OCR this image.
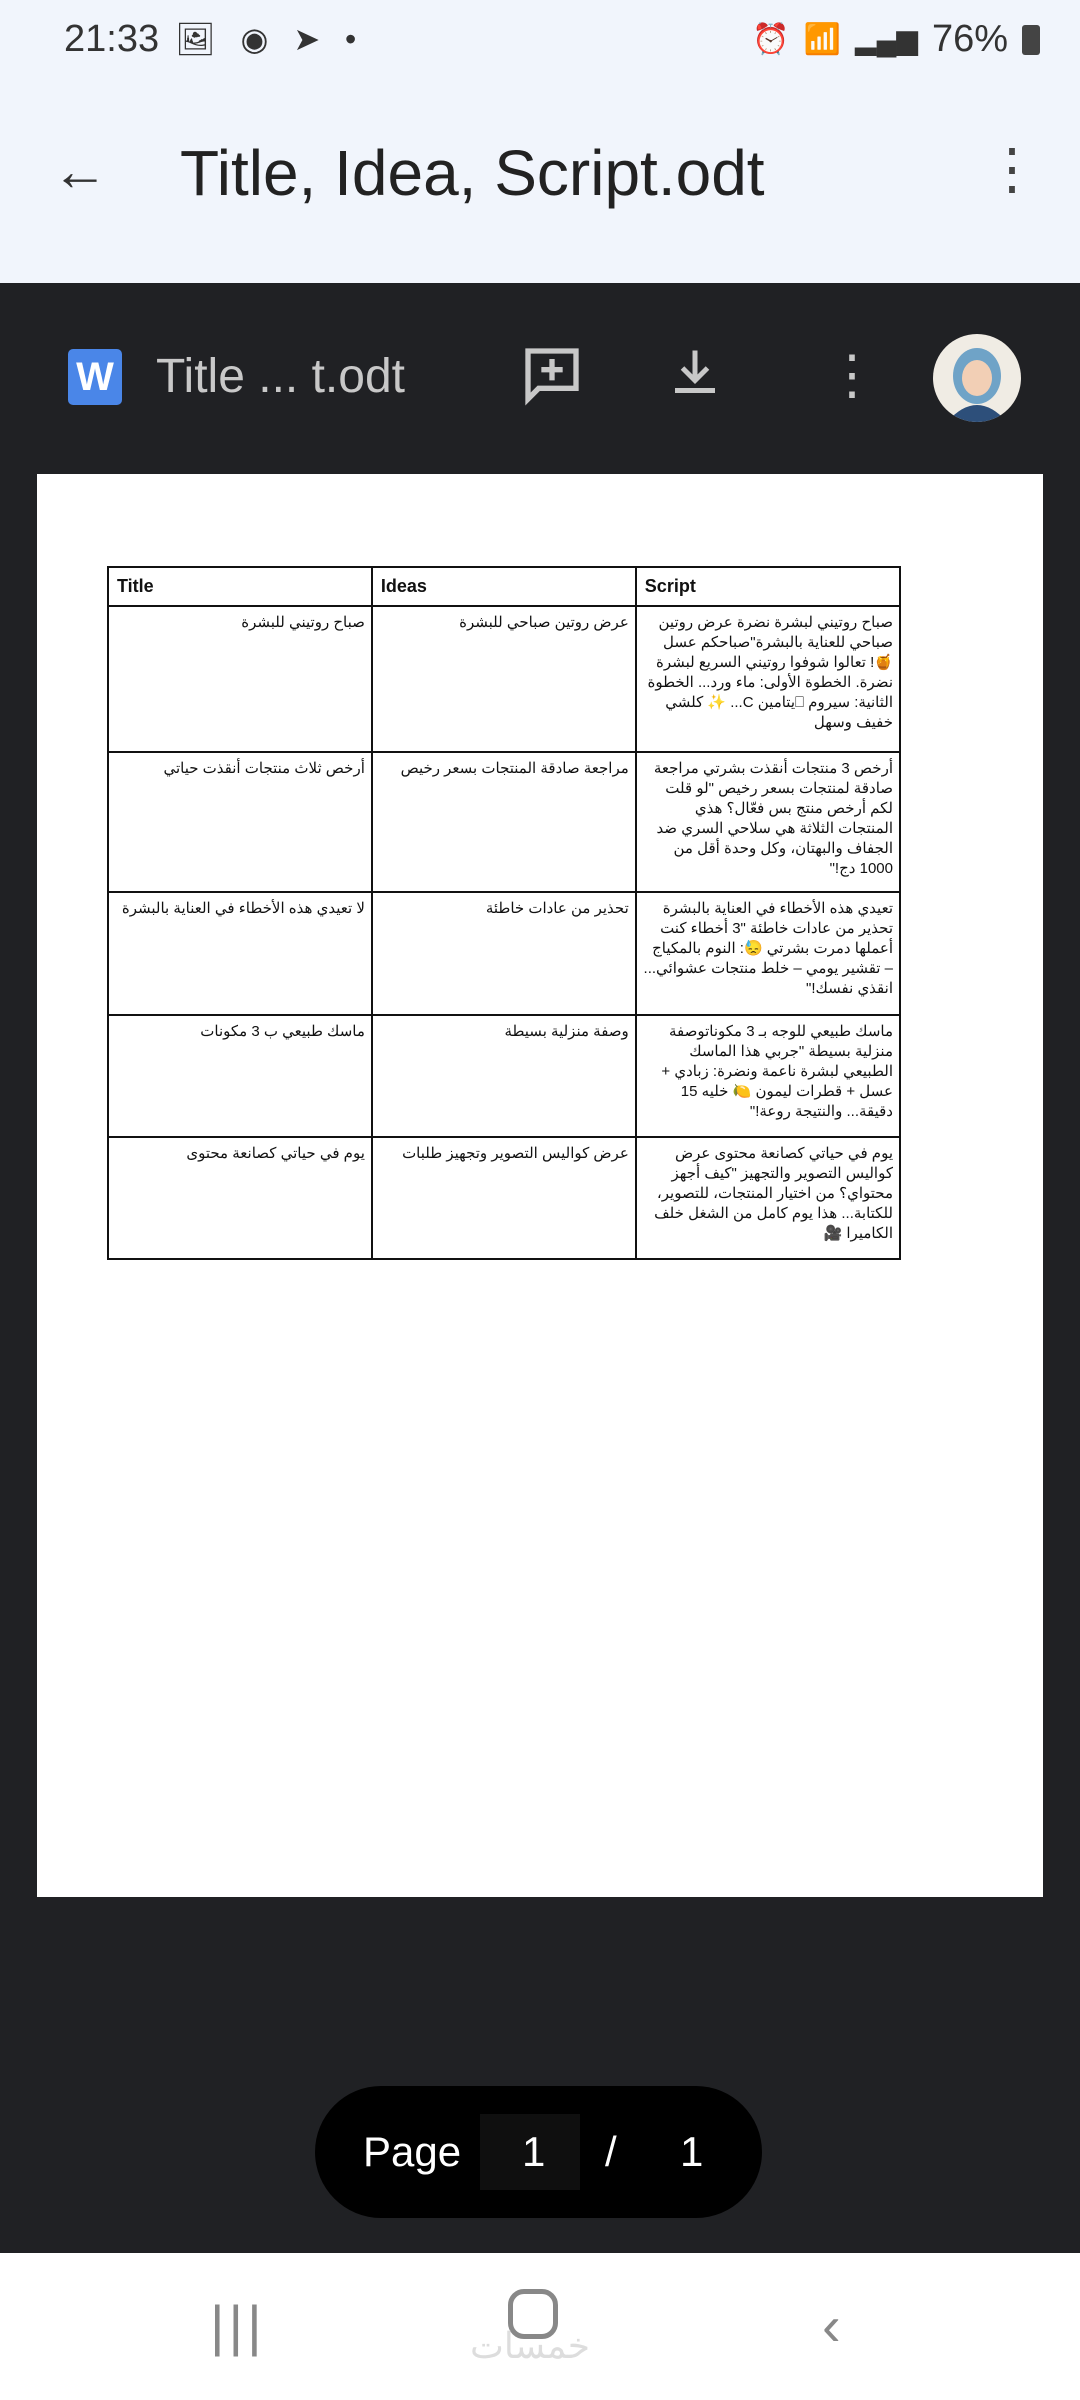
21:33 🖼 ◉ ➤ •	⏰ 📶 ▂▄▆ 76%
← Title, Idea, Script.odt	⋮
W Title ... t.odt	⋮
Title	Ideas	Script
صباح روتيني للبشرة	عرض روتين صباحي للبشرة	صباح روتيني لبشرة نضرة عرض روتين صباحي للعناية بالبشرة"صباحكم عسل 🍯! تعالوا شوفوا روتيني السريع لبشرة نضرة. الخطوة الأولى: ماء ورد... الخطوة الثانية: سيروم ⎕يتامين C... ✨ كلشي خفيف وسهل
أرخص ثلاث منتجات أنقذت حياتي	مراجعة صادقة المنتجات بسعر رخيص	أرخص 3 منتجات أنقذت بشرتي مراجعة صادقة لمنتجات بسعر رخيص "لو قلت لكم أرخص منتج بس فعّال؟ هذي المنتجات الثلاثة هي سلاحي السري ضد الجفاف والبهتان، وكل وحدة أقل من 1000 دج!"
لا تعيدي هذه الأخطاء في العناية بالبشرة	تحذير من عادات خاطئة	تعيدي هذه الأخطاء في العناية بالبشرة تحذير من عادات خاطئة "3 أخطاء كنت أعملها دمرت بشرتي 😓: النوم بالمكياج – تقشير يومي – خلط منتجات عشوائي... انقذي نفسك!"
ماسك طبيعي ب 3 مكونات	وصفة منزلية بسيطة	ماسك طبيعي للوجه بـ 3 مكوناتوصفة منزلية بسيطة "جربي هذا الماسك الطبيعي لبشرة ناعمة ونضرة: زبادي + عسل + قطرات ليمون 🍋 خليه 15 دقيقة... والنتيجة روعة!"
يوم في حياتي كصانعة محتوى	عرض كواليس التصوير وتجهيز طلبات	يوم في حياتي كصانعة محتوى عرض كواليس التصوير والتجهيز "كيف أجهز محتواي؟ من اختيار المنتجات، للتصوير، للكتابة... هذا يوم كامل من الشغل خلف الكاميرا 🎥
Page 1 / 1
|||	خمسات	‹
